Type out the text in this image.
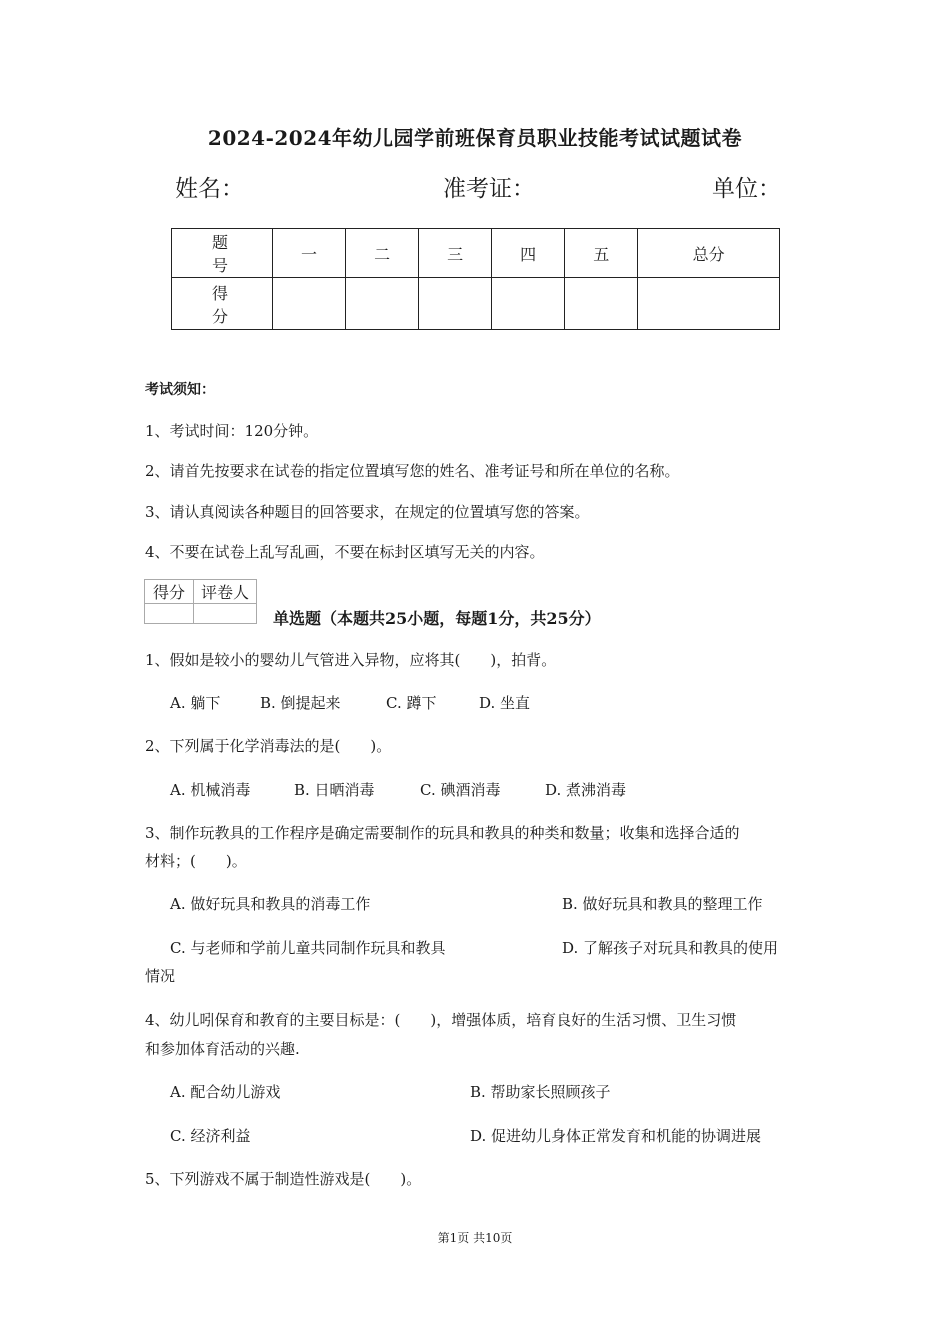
2024-2024年幼儿园学前班保育员职业技能考试试题试卷
姓名：	准考证：	单位：
题 号	一	二	三	四	五	总分
得 分						
考试须知：
1、考试时间：120分钟。
2、请首先按要求在试卷的指定位置填写您的姓名、准考证号和所在单位的名称。
3、请认真阅读各种题目的回答要求，在规定的位置填写您的答案。
4、不要在试卷上乱写乱画，不要在标封区填写无关的内容。
得分	评卷人

单选题（本题共25小题，每题1分，共25分）
1、假如是较小的婴幼儿气管进入异物，应将其(　　)，拍背。
A. 躺下	B. 倒提起来	C. 蹲下	D. 坐直
2、下列属于化学消毒法的是(　　)。
A. 机械消毒	B. 日晒消毒	C. 碘酒消毒	D. 煮沸消毒
3、制作玩教具的工作程序是确定需要制作的玩具和教具的种类和数量；收集和选择合适的
材料；(　　)。
A. 做好玩具和教具的消毒工作	B. 做好玩具和教具的整理工作
C. 与老师和学前儿童共同制作玩具和教具	D. 了解孩子对玩具和教具的使用
情况
4、幼儿吲保育和教育的主要目标是：(　　)，增强体质，培育良好的生活习惯、卫生习惯
和参加体育活动的兴趣.
A. 配合幼儿游戏	B. 帮助家长照顾孩子
C. 经济利益	D. 促进幼儿身体正常发育和机能的协调进展
5、下列游戏不属于制造性游戏是(　　)。
第1页 共10页
